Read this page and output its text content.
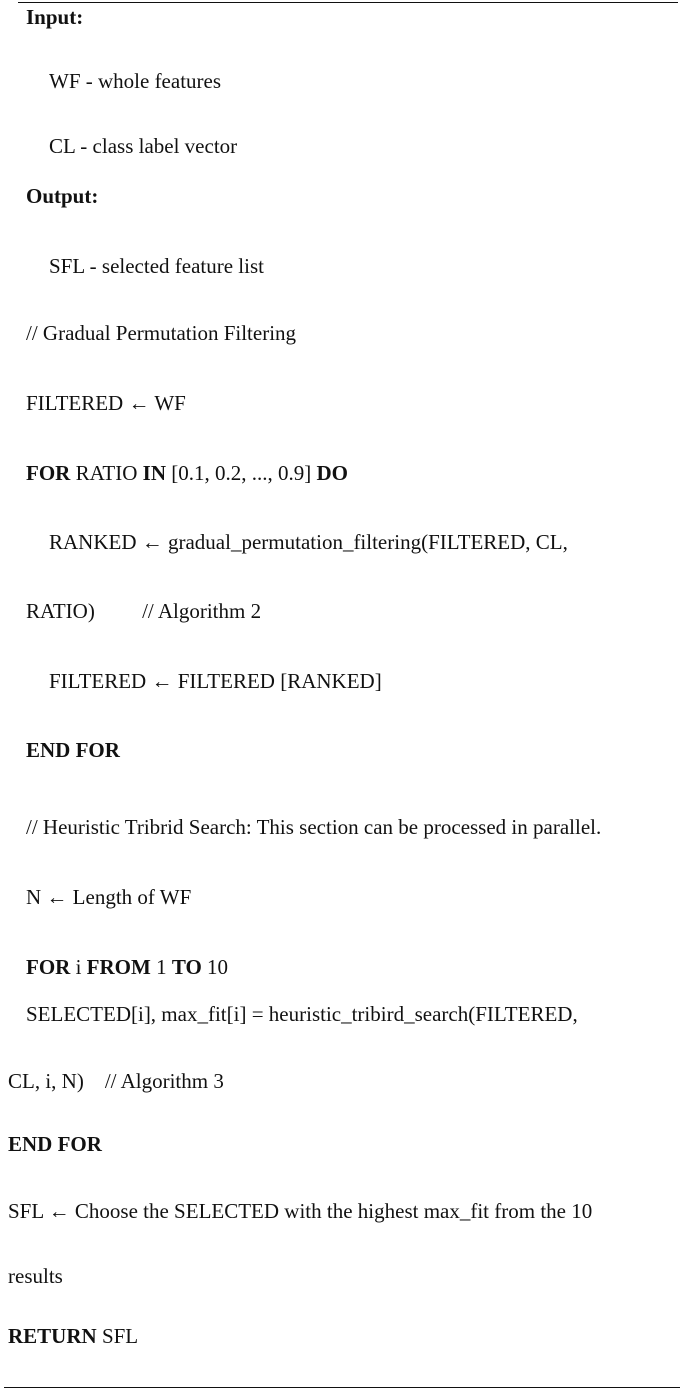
Input:
WF - whole features
CL - class label vector
Output:
SFL - selected feature list
// Gradual Permutation Filtering
FILTERED ← WF
FOR RATIO IN [0.1, 0.2, ..., 0.9] DO
RANKED ← gradual_permutation_filtering(FILTERED, CL,
RATIO)         // Algorithm 2
FILTERED ← FILTERED [RANKED]
END FOR
// Heuristic Tribrid Search: This section can be processed in parallel.
N ← Length of WF
FOR i FROM 1 TO 10
SELECTED[i], max_fit[i] = heuristic_tribird_search(FILTERED,
CL, i, N)    // Algorithm 3
END FOR
SFL ← Choose the SELECTED with the highest max_fit from the 10
results
RETURN SFL
